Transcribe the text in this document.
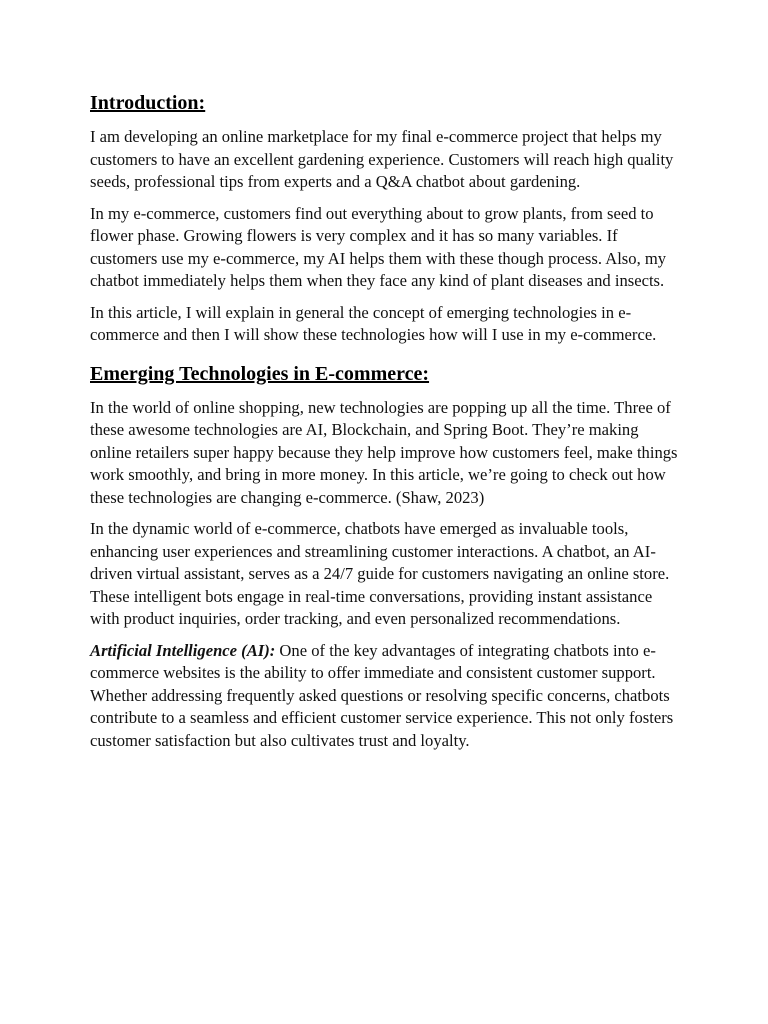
Introduction:

I am developing an online marketplace for my final e-commerce project that helps my customers to have an excellent gardening experience. Customers will reach high quality seeds, professional tips from experts and a Q&A chatbot about gardening.

In my e-commerce, customers find out everything about to grow plants, from seed to flower phase. Growing flowers is very complex and it has so many variables. If customers use my e-commerce, my AI helps them with these though process. Also, my chatbot immediately helps them when they face any kind of plant diseases and insects.

In this article, I will explain in general the concept of emerging technologies in e-commerce and then I will show these technologies how will I use in my e-commerce.

Emerging Technologies in E-commerce:

In the world of online shopping, new technologies are popping up all the time. Three of these awesome technologies are AI, Blockchain, and Spring Boot. They’re making online retailers super happy because they help improve how customers feel, make things work smoothly, and bring in more money. In this article, we’re going to check out how these technologies are changing e-commerce. (Shaw, 2023)

In the dynamic world of e-commerce, chatbots have emerged as invaluable tools, enhancing user experiences and streamlining customer interactions. A chatbot, an AI-driven virtual assistant, serves as a 24/7 guide for customers navigating an online store. These intelligent bots engage in real-time conversations, providing instant assistance with product inquiries, order tracking, and even personalized recommendations.

Artificial Intelligence (AI): One of the key advantages of integrating chatbots into e-commerce websites is the ability to offer immediate and consistent customer support. Whether addressing frequently asked questions or resolving specific concerns, chatbots contribute to a seamless and efficient customer service experience. This not only fosters customer satisfaction but also cultivates trust and loyalty.
